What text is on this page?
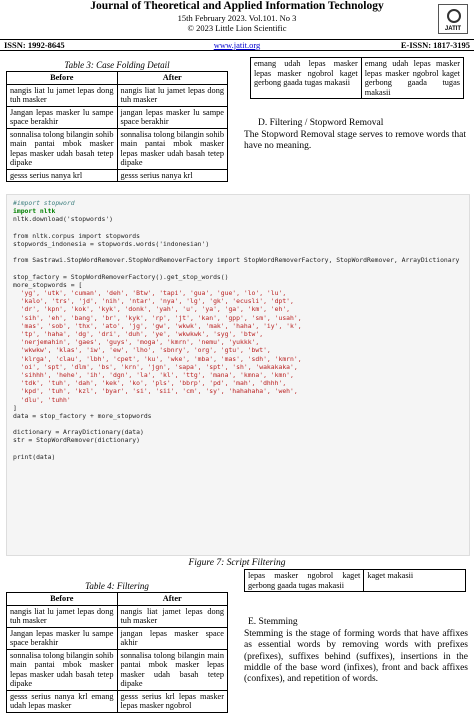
Journal of Theoretical and Applied Information Technology
15th February 2023. Vol.101. No 3
© 2023 Little Lion Scientific	JATIT
ISSN: 1992-8645	www.jatit.org	E-ISSN: 1817-3195
Table 3: Case Folding Detail
Before	After
nangis liat lu jamet lepas dong tuh masker	nangis liat lu jamet lepas dong tuh masker
Jangan lepas masker lu sampe space berakhir	jangan lepas masker lu sampe space berakhir
sonnalisa tolong bilangin sohib main pantai mbok masker lepas masker udah basah tetep dipake	sonnalisa tolong bilangin sohib main pantai mbok masker lepas masker udah basah tetep dipake
gesss serius nanya krl	gesss serius nanya krl
emang udah lepas masker lepas masker ngobrol kaget gerbong gaada tugas makasii	emang udah lepas masker lepas masker ngobrol kaget gerbong gaada tugas makasii
D. Filtering / Stopword Removal
The Stopword Removal stage serves to remove words that have no meaning.
#import stopword
import nltk
nltk.download('stopwords')
from nltk.corpus import stopwords
stopwords_indonesia = stopwords.words('indonesian')
from Sastrawi.StopWordRemover.StopWordRemoverFactory import StopWordRemoverFactory, StopWordRemover, ArrayDictionary
stop_factory = StopWordRemoverFactory().get_stop_words()
more_stopwords = [
'yg', 'utk', 'cuman', 'deh', 'Btw', 'tapi', 'gua', 'gue', 'lo', 'lu',
'kalo', 'trs', 'jd', 'nih', 'ntar', 'nya', 'lg', 'gk', 'ecusli', 'dpt',
'dr', 'kpn', 'kok', 'kyk', 'donk', 'yah', 'u', 'ya', 'ga', 'km', 'eh',
'sih', 'eh', 'bang', 'br', 'kyk', 'rp', 'jt', 'kan', 'gpp', 'sm', 'usah',
'mas', 'sob', 'thx', 'ato', 'jg', 'gw', 'wkwk', 'mak', 'haha', 'iy', 'k',
'tp', 'haha', 'dg', 'dri', 'duh', 'ye', 'wkwkwk', 'syg', 'btw',
'nerjemahin', 'gaes', 'guys', 'moga', 'kmrn', 'nemu', 'yukkk',
'wkwkw', 'klas', 'iw', 'ew', 'lho', 'sbnry', 'org', 'gtu', 'bwt',
'klrga', 'clau', 'lbh', 'cpet', 'ku', 'wke', 'mba', 'mas', 'sdh', 'kmrn',
'oi', 'spt', 'dlm', 'bs', 'krn', 'jgn', 'sapa', 'spt', 'sh', 'wakakaka',
'sihhh', 'hehe', 'ih', 'dgn', 'la', 'kl', 'ttg', 'mana', 'kmna', 'kmn',
'tdk', 'tuh', 'dah', 'kek', 'ko', 'pls', 'bbrp', 'pd', 'mah', 'dhhh',
'kpd', 'tuh', 'kzl', 'byar', 'si', 'sii', 'cm', 'sy', 'hahahaha', 'weh',
'dlu', 'tuhh'
]
data = stop_factory + more_stopwords
dictionary = ArrayDictionary(data)
str = StopWordRemover(dictionary)
print(data)
Figure 7: Script Filtering
Table 4: Filtering
Before	After
nangis liat lu jamet lepas dong tuh masker	nangis liat jamet lepas dong tuh masker
Jangan lepas masker lu sampe space berakhir	jangan lepas masker space akhir
sonnalisa tolong bilangin sohib main pantai mbok masker lepas masker udah basah tetep dipake	sonnalisa tolong bilangin main pantai mbok masker lepas masker udah basah tetep dipake
gesss serius nanya krl emang udah lepas masker	gesss serius krl lepas masker lepas masker ngobrol
lepas masker ngobrol kaget gerbong gaada tugas makasii	kaget makasii
E. Stemming
Stemming is the stage of forming words that have affixes as essential words by removing words with prefixes (prefixes), suffixes behind (suffixes), insertions in the middle of the base word (infixes), front and back affixes (confixes), and repetition of words.
